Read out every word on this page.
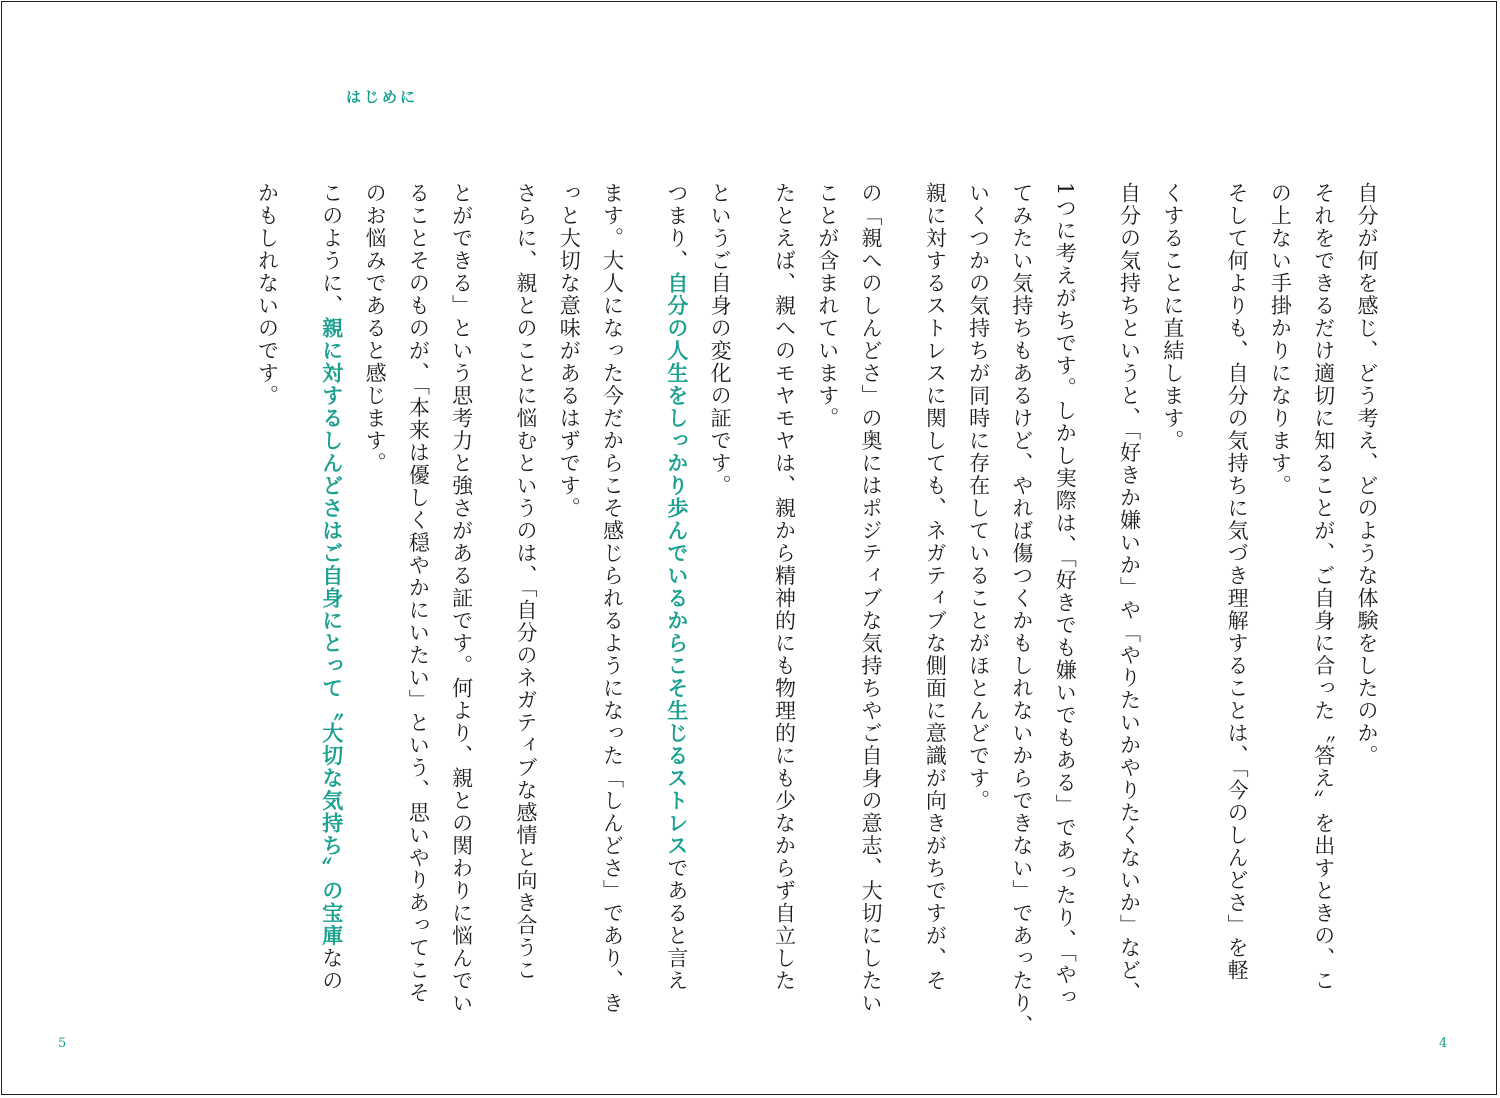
はじめに
自分が何を感じ、どう考え、どのような体験をしたのか。
それをできるだけ適切に知ることが、ご自身に合った〝答え〟を出すときの、こ
の上ない手掛かりになります。
そして何よりも、自分の気持ちに気づき理解することは、「今のしんどさ」を軽
くすることに直結します。
自分の気持ちというと、「好きか嫌いか」や「やりたいかやりたくないか」など、
1つに考えがちです。しかし実際は、「好きでも嫌いでもある」であったり、「やっ
てみたい気持ちもあるけど、やれば傷つくかもしれないからできない」であったり、
いくつかの気持ちが同時に存在していることがほとんどです。
親に対するストレスに関しても、ネガティブな側面に意識が向きがちですが、そ
の「親へのしんどさ」の奥にはポジティブな気持ちやご自身の意志、大切にしたい
ことが含まれています。
たとえば、親へのモヤモヤは、親から精神的にも物理的にも少なからず自立した
というご自身の変化の証です。
つまり、自分の人生をしっかり歩んでいるからこそ生じるストレスであると言え
ます。大人になった今だからこそ感じられるようになった「しんどさ」であり、き
っと大切な意味があるはずです。
さらに、親とのことに悩むというのは、「自分のネガティブな感情と向き合うこ
とができる」という思考力と強さがある証です。何より、親との関わりに悩んでい
ることそのものが、「本来は優しく穏やかにいたい」という、思いやりあってこそ
のお悩みであると感じます。
このように、親に対するしんどさはご自身にとって〝大切な気持ち〟の宝庫なの
かもしれないのです。
5	4
